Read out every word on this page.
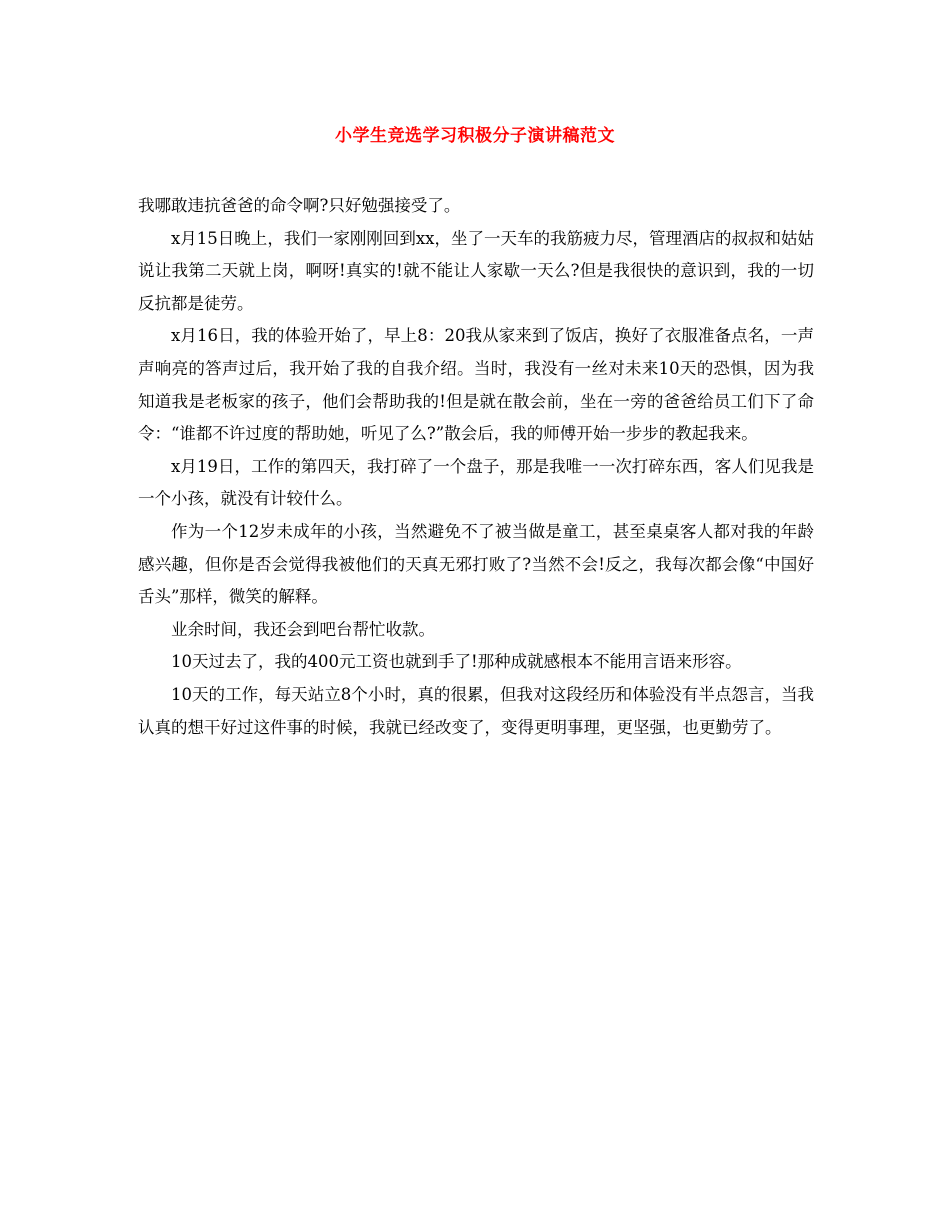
小学生竞选学习积极分子演讲稿范文

我哪敢违抗爸爸的命令啊?只好勉强接受了。

x月15日晚上，我们一家刚刚回到xx，坐了一天车的我筋疲力尽，管理酒店的叔叔和姑姑说让我第二天就上岗，啊呀!真实的!就不能让人家歇一天么?但是我很快的意识到，我的一切反抗都是徒劳。

x月16日，我的体验开始了，早上8：20我从家来到了饭店，换好了衣服准备点名，一声声响亮的答声过后，我开始了我的自我介绍。当时，我没有一丝对未来10天的恐惧，因为我知道我是老板家的孩子，他们会帮助我的!但是就在散会前，坐在一旁的爸爸给员工们下了命令：“谁都不许过度的帮助她，听见了么?”散会后，我的师傅开始一步步的教起我来。

x月19日，工作的第四天，我打碎了一个盘子，那是我唯一一次打碎东西，客人们见我是一个小孩，就没有计较什么。

作为一个12岁未成年的小孩，当然避免不了被当做是童工，甚至桌桌客人都对我的年龄感兴趣，但你是否会觉得我被他们的天真无邪打败了?当然不会!反之，我每次都会像“中国好舌头”那样，微笑的解释。

业余时间，我还会到吧台帮忙收款。

10天过去了，我的400元工资也就到手了!那种成就感根本不能用言语来形容。

10天的工作，每天站立8个小时，真的很累，但我对这段经历和体验没有半点怨言，当我认真的想干好过这件事的时候，我就已经改变了，变得更明事理，更坚强，也更勤劳了。
